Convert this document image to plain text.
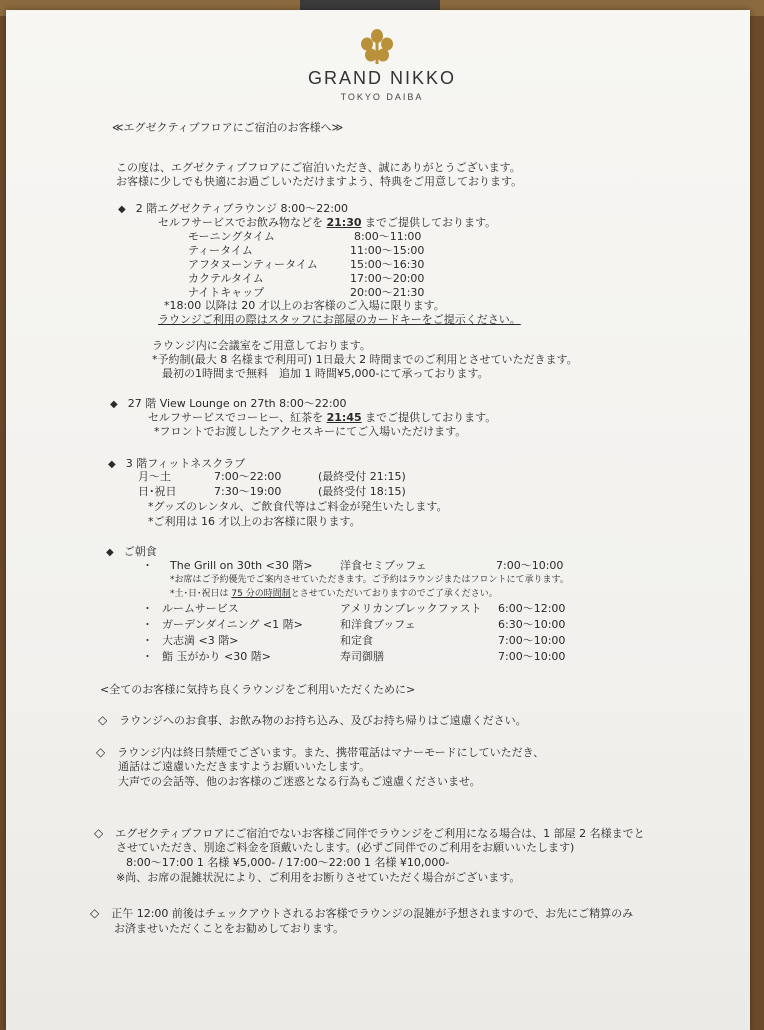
GRAND NIKKO
TOKYO DAIBA
≪エグゼクティブフロアにご宿泊のお客様へ≫
この度は、エグゼクティブフロアにご宿泊いただき、誠にありがとうございます。
お客様に少しでも快適にお過ごしいただけますよう、特典をご用意しております。
◆ 2 階エグゼクティブラウンジ 8:00～22:00
セルフサービスでお飲み物などを 21:30 までご提供しております。
モーニングタイム	8:00～11:00
ティータイム	11:00～15:00
アフタヌーンティータイム	15:00～16:30
カクテルタイム	17:00～20:00
ナイトキャップ	20:00～21:30
*18:00 以降は 20 才以上のお客様のご入場に限ります。
ラウンジご利用の際はスタッフにお部屋のカードキーをご提示ください。
ラウンジ内に会議室をご用意しております。
*予約制(最大 8 名様まで利用可) 1日最大 2 時間までのご利用とさせていただきます。
最初の1時間まで無料　追加 1 時間¥5,000-にて承っております。
◆ 27 階 View Lounge on 27th 8:00～22:00
セルフサービスでコーヒー、紅茶を 21:45 までご提供しております。
*フロントでお渡ししたアクセスキーにてご入場いただけます。
◆ 3 階フィットネスクラブ
月～土	7:00～22:00	(最終受付 21:15)
日･祝日	7:30～19:00	(最終受付 18:15)
*グッズのレンタル、ご飲食代等はご料金が発生いたします。
*ご利用は 16 才以上のお客様に限ります。
◆ ご朝食
・ The Grill on 30th <30 階> 洋食セミブッフェ	7:00～10:00
*お席はご予約優先でご案内させていただきます。ご予約はラウンジまたはフロントにて承ります。
*土･日･祝日は 75 分の時間制とさせていただいておりますのでご了承ください。
・ ルームサービス	アメリカンブレックファスト 6:00～12:00
・ ガーデンダイニング <1 階>	和洋食ブッフェ	6:30～10:00
・ 大志満 <3 階>	和定食	7:00～10:00
・ 鮨 玉がかり <30 階>	寿司御膳	7:00～10:00
<全てのお客様に気持ち良くラウンジをご利用いただくために>
◇ ラウンジへのお食事、お飲み物のお持ち込み、及びお持ち帰りはご遠慮ください。
◇ ラウンジ内は終日禁煙でございます。また、携帯電話はマナーモードにしていただき、
通話はご遠慮いただきますようお願いいたします。
大声での会話等、他のお客様のご迷惑となる行為もご遠慮くださいませ。
◇ エグゼクティブフロアにご宿泊でないお客様ご同伴でラウンジをご利用になる場合は、1 部屋 2 名様までと
させていただき、別途ご料金を頂戴いたします。(必ずご同伴でのご利用をお願いいたします)
8:00～17:00 1 名様 ¥5,000- / 17:00～22:00 1 名様 ¥10,000-
※尚、お席の混雑状況により、ご利用をお断りさせていただく場合がございます。
◇ 正午 12:00 前後はチェックアウトされるお客様でラウンジの混雑が予想されますので、お先にご精算のみ
お済ませいただくことをお勧めしております。
